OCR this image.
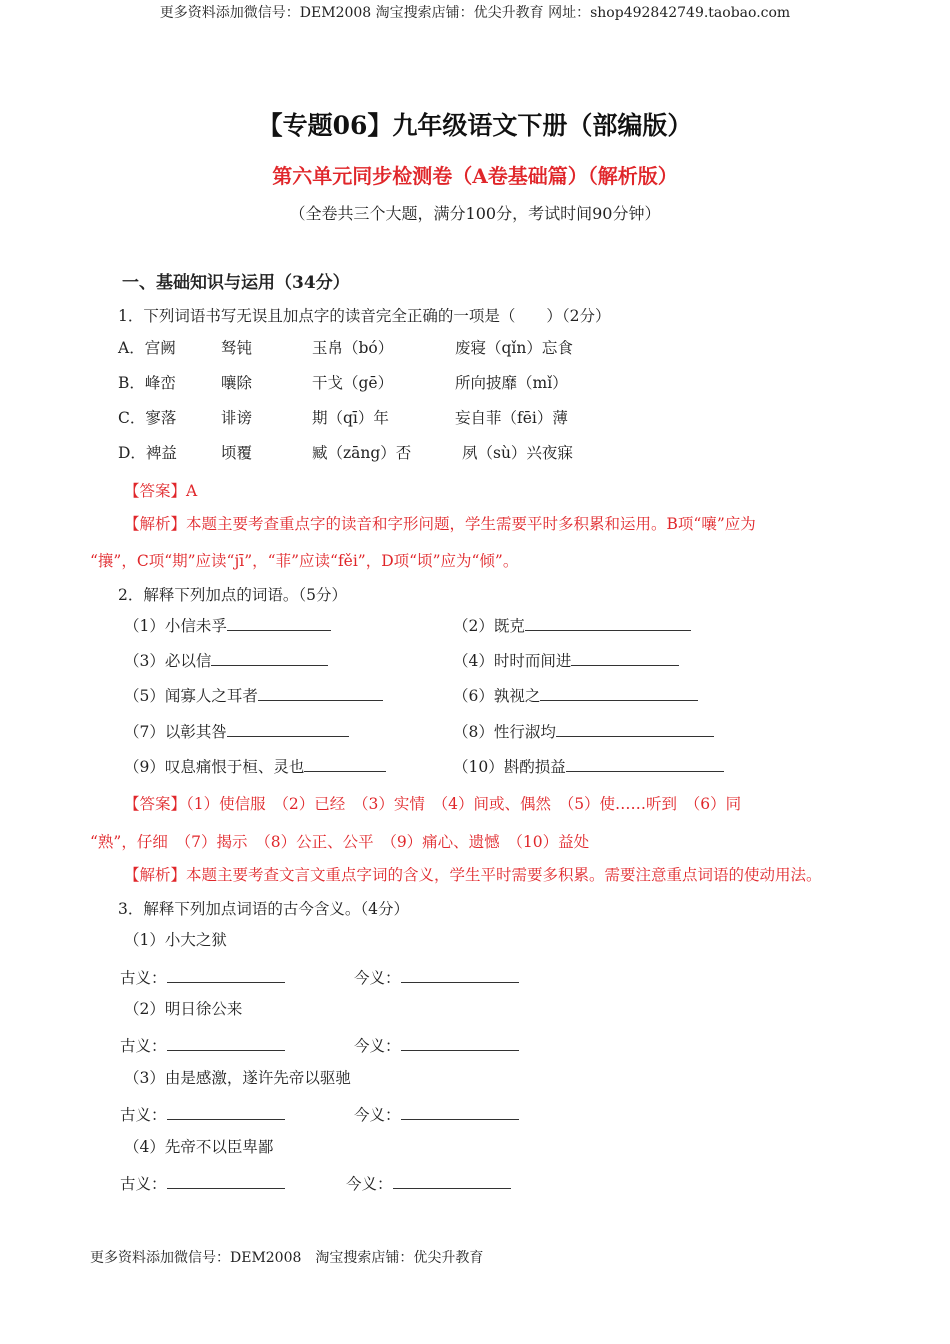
更多资料添加微信号：DEM2008 淘宝搜索店铺：优尖升教育 网址：shop492842749.taobao.com
【专题06】九年级语文下册（部编版）
第六单元同步检测卷（A卷基础篇）（解析版）
（全卷共三个大题，满分100分，考试时间90分钟）
一、基础知识与运用（34分）
1．下列词语书写无误且加点字的读音完全正确的一项是（　　）（2分）
A．宫阙	驽钝	玉帛（bó）	废寝（qǐn）忘食
B．峰峦	嚷除	干戈（gē）	所向披靡（mǐ）
C．寥落	诽谤	期（qī）年	妄自菲（fēi）薄
D．裨益	顷覆	臧（zāng）否	夙（sù）兴夜寐
【答案】A
【解析】本题主要考查重点字的读音和字形问题，学生需要平时多积累和运用。B项“嚷”应为
“攘”，C项“期”应读“jī”，“菲”应读“fěi”，D项“顷”应为“倾”。
2．解释下列加点的词语。（5分）
（1）小信未孚	（2）既克
（3）必以信	（4）时时而间进
（5）闻寡人之耳者	（6）孰视之
（7）以彰其咎	（8）性行淑均
（9）叹息痛恨于桓、灵也	（10）斟酌损益
【答案】（1）使信服　（2）已经　（3）实情　（4）间或、偶然　（5）使……听到　（6）同
“熟”，仔细　（7）揭示　（8）公正、公平　（9）痛心、遗憾　（10）益处
【解析】本题主要考查文言文重点字词的含义，学生平时需要多积累。需要注意重点词语的使动用法。
3．解释下列加点词语的古今含义。（4分）
（1）小大之狱
古义：	今义：
（2）明日徐公来
古义：	今义：
（3）由是感激，遂许先帝以驱驰
古义：	今义：
（4）先帝不以臣卑鄙
古义：	今义：
更多资料添加微信号：DEM2008　淘宝搜索店铺：优尖升教育
